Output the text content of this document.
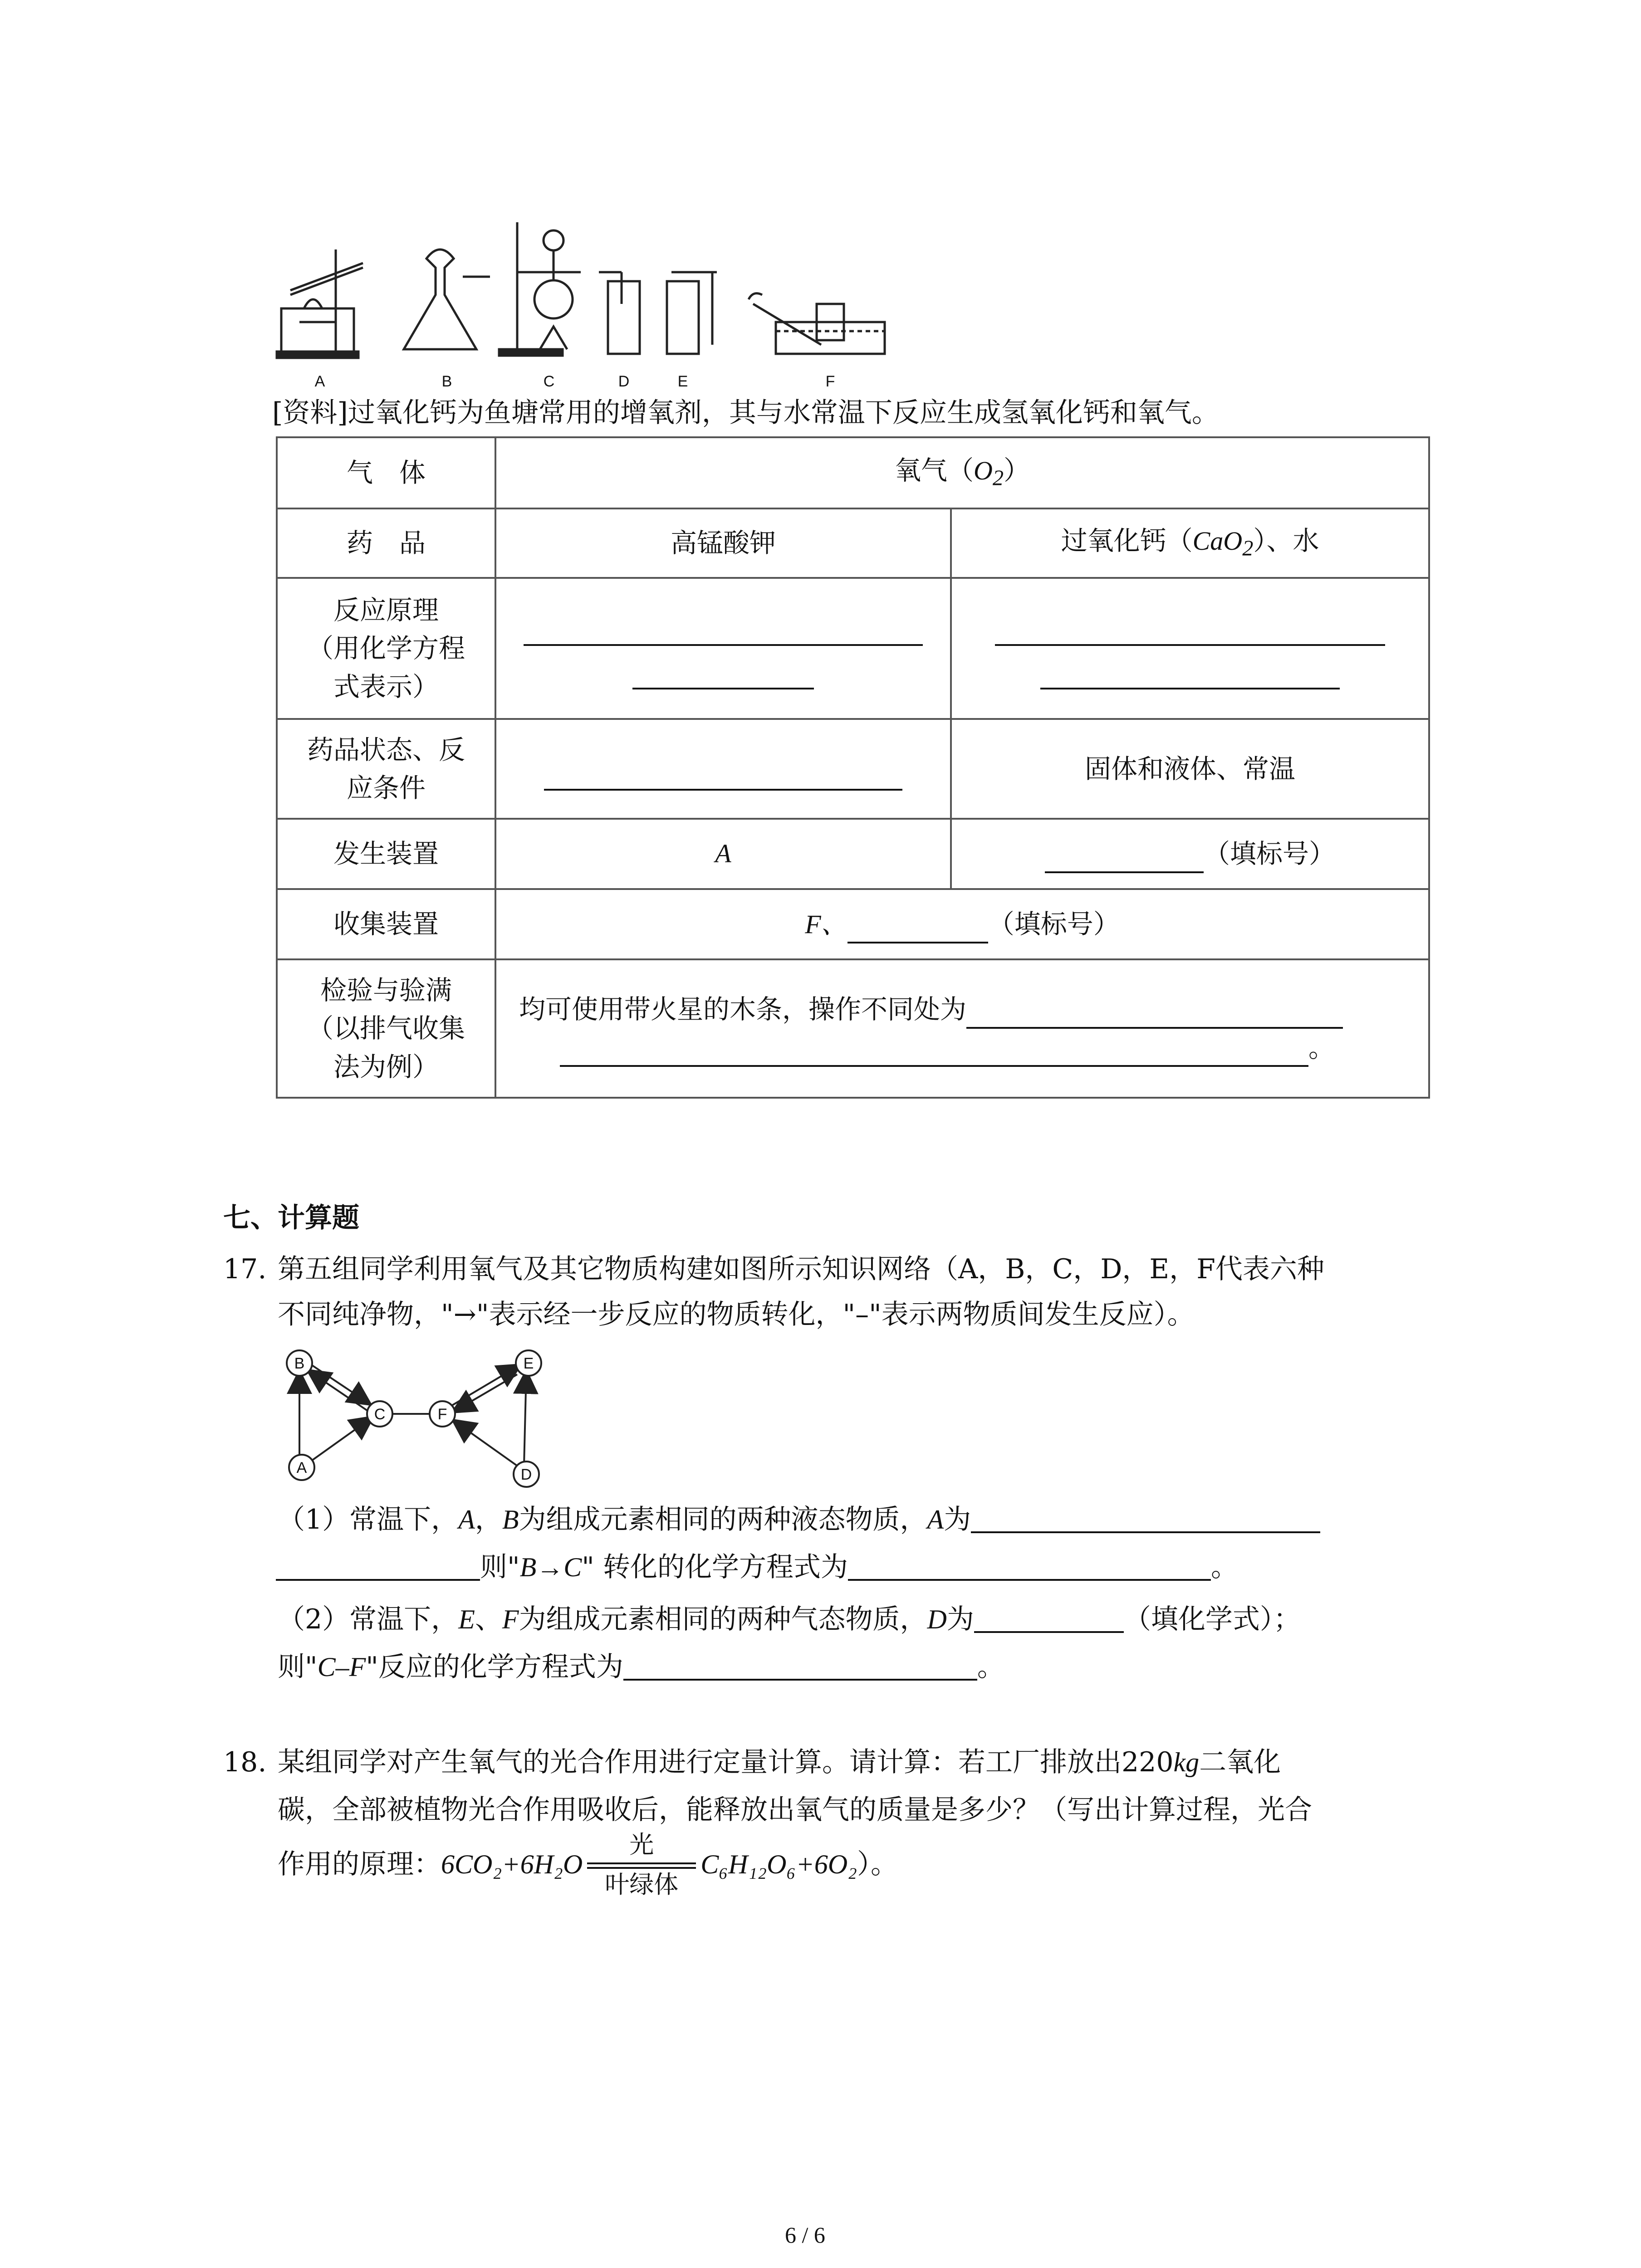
A	B	C	D	E	F
[资料]过氧化钙为鱼塘常用的增氧剂，其与水常温下反应生成氢氧化钙和氧气。
气　体	氧气$(O_2)$	
药　品	高锰酸钾	过氧化钙（CaO$_2$）、水
反应原理
（用化学方程
式表示）	

药品状态、反
应条件		固体和液体、常温
发生装置	A	（填标号）
收集装置	F、 （填标号）	
检验与验满
（以排气收集
法为例）	均可使用带火星的木条，操作不同处为
。	
七、计算题
17. 第五组同学利用氧气及其它物质构建如图所示知识网络（A，B，C，D，E，F代表六种
不同纯净物，"→"表示经一步反应的物质转化，"–"表示两物质间发生反应）。
B
C
A
F
E
D
（1）常温下，A，B为组成元素相同的两种液态物质，A为
则"B→C" 转化的化学方程式为	。
（2）常温下，E、F为组成元素相同的两种气态物质，D为	（填化学式）；
则"C–F"反应的化学方程式为	。
18. 某组同学对产生氧气的光合作用进行定量计算。请计算：若工厂排放出220kg二氧化
碳，全部被植物光合作用吸收后，能释放出氧气的质量是多少？（写出计算过程，光合
作用的原理：6CO₂+6H₂O
光
叶绿体
C₆H₁₂O₆+6O₂）。
6 / 6
